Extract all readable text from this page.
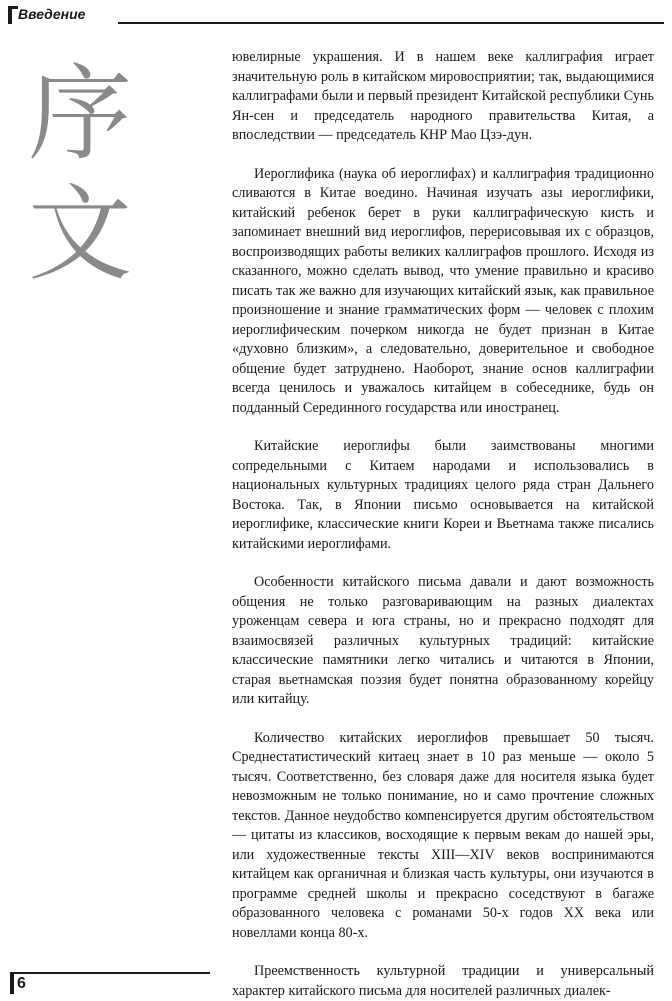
Введение
序
文

ювелирные украшения. И в нашем веке каллиграфия играет значительную роль в китайском мировосприятии; так, выдающимися каллиграфами были и первый президент Китайской республики Сунь Ян-сен и председатель народного правительства Китая, а впоследствии — председатель КНР Мао Цзэ-дун.

Иероглифика (наука об иероглифах) и каллиграфия традиционно сливаются в Китае воедино. Начиная изучать азы иероглифики, китайский ребенок берет в руки каллиграфическую кисть и запоминает внешний вид иероглифов, перерисовывая их с образцов, воспроизводящих работы великих каллиграфов прошлого. Исходя из сказанного, можно сделать вывод, что умение правильно и красиво писать так же важно для изучающих китайский язык, как правильное произношение и знание грамматических форм — человек с плохим иероглифическим почерком никогда не будет признан в Китае «духовно близким», а следовательно, доверительное и свободное общение будет затруднено. Наоборот, знание основ каллиграфии всегда ценилось и уважалось китайцем в собеседнике, будь он подданный Серединного государства или иностранец.

Китайские иероглифы были заимствованы многими сопредельными с Китаем народами и использовались в национальных культурных традициях целого ряда стран Дальнего Востока. Так, в Японии письмо основывается на китайской иероглифике, классические книги Кореи и Вьетнама также писались китайскими иероглифами.

Особенности китайского письма давали и дают возможность общения не только разговаривающим на разных диалектах уроженцам севера и юга страны, но и прекрасно подходят для взаимосвязей различных культурных традиций: китайские классические памятники легко читались и читаются в Японии, старая вьетнамская поэзия будет понятна образованному корейцу или китайцу.

Количество китайских иероглифов превышает 50 тысяч. Среднестатистический китаец знает в 10 раз меньше — около 5 тысяч. Соответственно, без словаря даже для носителя языка будет невозможным не только понимание, но и само прочтение сложных текстов. Данное неудобство компенсируется другим обстоятельством — цитаты из классиков, восходящие к первым векам до нашей эры, или художественные тексты XIII—XIV веков воспринимаются китайцем как органичная и близкая часть культуры, они изучаются в программе средней школы и прекрасно соседствуют в багаже образованного человека с романами 50-х годов XX века или новеллами конца 80-х.

Преемственность культурной традиции и универсальный характер китайского письма для носителей различных диалек-

6
